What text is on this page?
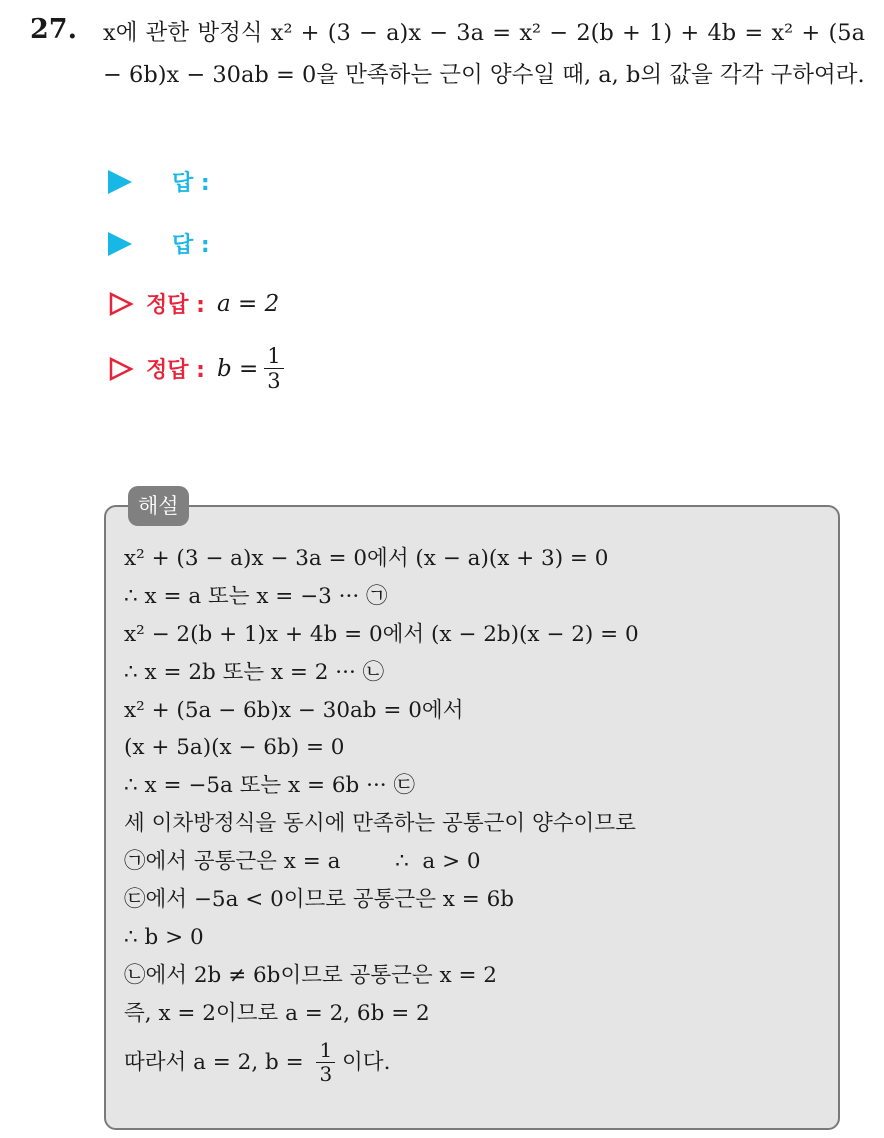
27. x에 관한 방정식 x² + (3 − a)x − 3a = x² − 2(b + 1) + 4b = x² + (5a − 6b)x − 30ab = 0을 만족하는 근이 양수일 때, a, b의 값을 각각 구하여라.
답 :
답 :
정답 : a = 2
정답 : $b = \frac{1}{3}$
해설
x² + (3 − a)x − 3a = 0에서 (x − a)(x + 3) = 0
∴ x = a 또는 x = −3 ··· ㉠
x² − 2(b + 1)x + 4b = 0에서 (x − 2b)(x − 2) = 0
∴ x = 2b 또는 x = 2 ··· ㉡
x² + (5a − 6b)x − 30ab = 0에서
(x + 5a)(x − 6b) = 0
∴ x = −5a 또는 x = 6b ··· ㉢
세 이차방정식을 동시에 만족하는 공통근이 양수이므로
㉠에서 공통근은 x = a        ∴  a > 0
㉢에서 −5a < 0이므로 공통근은 x = 6b
∴ b > 0
㉡에서 2b ≠ 6b이므로 공통근은 x = 2
즉, x = 2이므로 a = 2, 6b = 2
따라서 a = 2, $b = \frac{1}{3}$ 이다.
